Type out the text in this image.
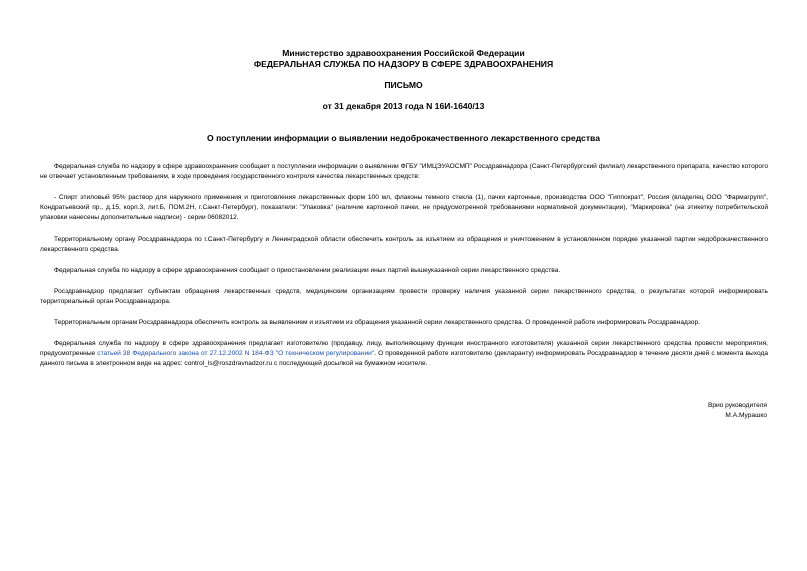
Министерство здравоохранения Российской Федерации
ФЕДЕРАЛЬНАЯ СЛУЖБА ПО НАДЗОРУ В СФЕРЕ ЗДРАВООХРАНЕНИЯ
ПИСЬМО
от 31 декабря 2013 года N 16И-1640/13
О поступлении информации о выявлении недоброкачественного лекарственного средства

Федеральная служба по надзору в сфере здравоохранения сообщает о поступлении информации о выявлении ФГБУ "ИМЦЭУАОСМП" Росздравнадзора (Санкт-Петербургский филиал) лекарственного препарата, качество которого не отвечает установленным требованиям, в ходе проведения государственного контроля качества лекарственных средств:

- Спирт этиловый 95% раствор для наружного применения и приготовления лекарственных форм 100 мл, флаконы темного стекла (1), пачки картонные, производства ООО "Гиппократ", Россия (владелец ООО "Фармагрупп", Кондратьевский пр., д.15, корп.3, лит.Б, ПОМ.2Н, г.Санкт-Петербург), показатели: "Упаковка" (наличие картонной пачки, не предусмотренной требованиями нормативной документации), "Маркировка" (на этикетку потребительской упаковки нанесены дополнительные надписи) - серии 06082012.

Территориальному органу Росздравнадзора по г.Санкт-Петербургу и Ленинградской области обеспечить контроль за изъятием из обращения и уничтожением в установленном порядке указанной партии недоброкачественного лекарственного средства.

Федеральная служба по надзору в сфере здравоохранения сообщает о приостановлении реализации иных партий вышеуказанной серии лекарственного средства.

Росздравнадзор предлагает субъектам обращения лекарственных средств, медицинским организациям провести проверку наличия указанной серии лекарственного средства, о результатах которой информировать территориальный орган Росздравнадзора.

Территориальным органам Росздравнадзора обеспечить контроль за выявлением и изъятием из обращения указанной серии лекарственного средства. О проведенной работе информировать Росздравнадзор.

Федеральная служба по надзору в сфере здравоохранения предлагает изготовителю (продавцу, лицу, выполняющему функции иностранного изготовителя) указанной серии лекарственного средства провести мероприятия, предусмотренные статьей 38 Федерального закона от 27.12.2002 N 184-ФЗ "О техническом регулировании". О проведенной работе изготовителю (декларанту) информировать Росздравнадзор в течение десяти дней с момента выхода данного письма в электронном виде на адрес: control_ls@roszdravnadzor.ru с последующей досылкой на бумажном носителе.

Врио руководителя
М.А.Мурашко
